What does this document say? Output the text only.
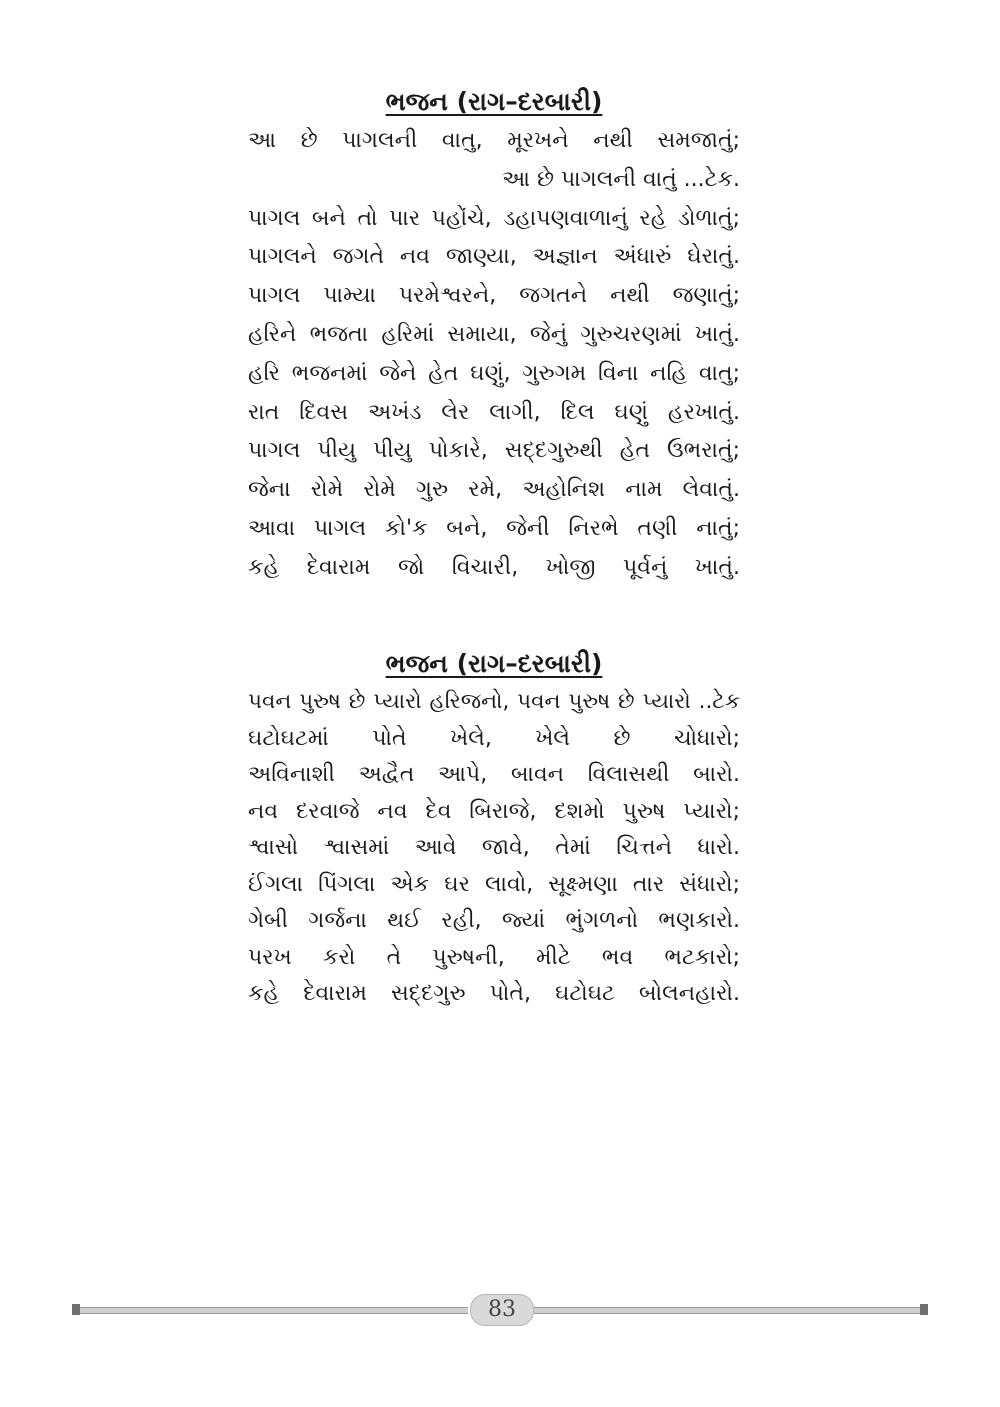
ભજન (રાગ–દરબારી)
આ છે પાગલની વાતુ, મૂરખને નથી સમજાતું;
આ છે પાગલની વાતું ...ટેક.
પાગલ બને તો પાર પહોંચે, ડહાપણવાળાનું રહે ડોળાતું;
પાગલને જગતે નવ જાણ્યા, અજ્ઞાન અંધારું ઘેરાતું.
પાગલ પામ્યા પરમેશ્વરને, જગતને નથી જણાતું;
હરિને ભજતા હરિમાં સમાયા, જેનું ગુરુચરણમાં ખાતું.
હરિ ભજનમાં જેને હેત ઘણું, ગુરુગમ વિના નહિ વાતુ;
રાત દિવસ અખંડ લેર લાગી, દિલ ઘણું હરખાતું.
પાગલ પીયુ પીયુ પોકારે, સદ્દગુરુથી હેત ઉભરાતું;
જેના રોમે રોમે ગુરુ રમે, અહોનિશ નામ લેવાતું.
આવા પાગલ કો'ક બને, જેની નિરભે તણી નાતું;
કહે દેવારામ જો વિચારી, ખોજી પૂર્વનું ખાતું.
ભજન (રાગ–દરબારી)
પવન પુરુષ છે પ્યારો હરિજનો, પવન પુરુષ છે પ્યારો ..ટેક
ઘટોઘટમાં પોતે ખેલે, ખેલે છે ચોધારો;
અવિનાશી અદ્વૈત આપે, બાવન વિલાસથી બારો.
નવ દરવાજે નવ દેવ બિરાજે, દશમો પુરુષ પ્યારો;
શ્વાસો શ્વાસમાં આવે જાવે, તેમાં ચિત્તને ધારો.
ઈંગલા પિંગલા એક ઘર લાવો, સૂક્ષ્મણા તાર સંધારો;
ગેબી ગર્જના થઈ રહી, જ્યાં ભુંગળનો ભણકારો.
પરખ કરો તે પુરુષની, મીટે ભવ ભટકારો;
કહે દેવારામ સદ્દગુરુ પોતે, ઘટોઘટ બોલનહારો.
83
